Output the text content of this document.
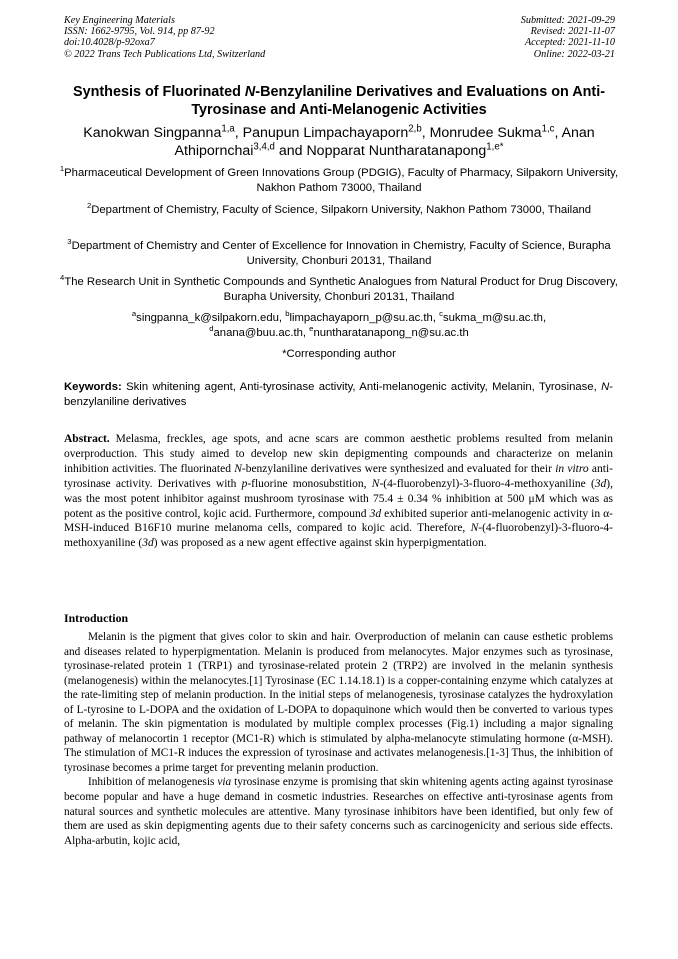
Key Engineering Materials
ISSN: 1662-9795, Vol. 914, pp 87-92
doi:10.4028/p-92oxa7
© 2022 Trans Tech Publications Ltd, Switzerland
Submitted: 2021-09-29
Revised: 2021-11-07
Accepted: 2021-11-10
Online: 2022-03-21
Synthesis of Fluorinated N-Benzylaniline Derivatives and Evaluations on Anti-Tyrosinase and Anti-Melanogenic Activities
Kanokwan Singpanna$^{1,a}$, Panupun Limpachayaporn$^{2,b}$, Monrudee Sukma$^{1,c}$, Anan Athipornchai$^{3,4,d}$ and Nopparat Nuntharatanapong$^{1,e*}$
$^1$Pharmaceutical Development of Green Innovations Group (PDGIG), Faculty of Pharmacy, Silpakorn University, Nakhon Pathom 73000, Thailand
$^2$Department of Chemistry, Faculty of Science, Silpakorn University, Nakhon Pathom 73000, Thailand
$^3$Department of Chemistry and Center of Excellence for Innovation in Chemistry, Faculty of Science, Burapha University, Chonburi 20131, Thailand
$^4$The Research Unit in Synthetic Compounds and Synthetic Analogues from Natural Product for Drug Discovery, Burapha University, Chonburi 20131, Thailand
$^a$singpanna_k@silpakorn.edu, $^b$limpachayaporn_p@su.ac.th, $^c$sukma_m@su.ac.th,
$^d$anana@buu.ac.th, $^e$nuntharatanapong_n@su.ac.th
*Corresponding author
Keywords: Skin whitening agent, Anti-tyrosinase activity, Anti-melanogenic activity, Melanin, Tyrosinase, N-benzylaniline derivatives
Abstract. Melasma, freckles, age spots, and acne scars are common aesthetic problems resulted from melanin overproduction. This study aimed to develop new skin depigmenting compounds and characterize on melanin inhibition activities. The fluorinated N-benzylaniline derivatives were synthesized and evaluated for their in vitro anti-tyrosinase activity. Derivatives with p-fluorine monosubstition, N-(4-fluorobenzyl)-3-fluoro-4-methoxyaniline (3d), was the most potent inhibitor against mushroom tyrosinase with 75.4 ± 0.34 % inhibition at 500 μM which was as potent as the positive control, kojic acid. Furthermore, compound 3d exhibited superior anti-melanogenic activity in α-MSH-induced B16F10 murine melanoma cells, compared to kojic acid. Therefore, N-(4-fluorobenzyl)-3-fluoro-4-methoxyaniline (3d) was proposed as a new agent effective against skin hyperpigmentation.
Introduction

Melanin is the pigment that gives color to skin and hair. Overproduction of melanin can cause esthetic problems and diseases related to hyperpigmentation. Melanin is produced from melanocytes. Major enzymes such as tyrosinase, tyrosinase-related protein 1 (TRP1) and tyrosinase-related protein 2 (TRP2) are involved in the melanin synthesis (melanogenesis) within the melanocytes.[1] Tyrosinase (EC 1.14.18.1) is a copper-containing enzyme which catalyzes at the rate-limiting step of melanin production. In the initial steps of melanogenesis, tyrosinase catalyzes the hydroxylation of L-tyrosine to L-DOPA and the oxidation of L-DOPA to dopaquinone which would then be converted to various types of melanin. The skin pigmentation is modulated by multiple complex processes (Fig.1) including a major signaling pathway of melanocortin 1 receptor (MC1-R) which is stimulated by alpha-melanocyte stimulating hormone (α-MSH). The stimulation of MC1-R induces the expression of tyrosinase and activates melanogenesis.[1-3] Thus, the inhibition of tyrosinase becomes a prime target for preventing melanin production.

Inhibition of melanogenesis via tyrosinase enzyme is promising that skin whitening agents acting against tyrosinase become popular and have a huge demand in cosmetic industries. Researches on effective anti-tyrosinase agents from natural sources and synthetic molecules are attentive. Many tyrosinase inhibitors have been identified, but only few of them are used as skin depigmenting agents due to their safety concerns such as carcinogenicity and serious side effects. Alpha-arbutin, kojic acid,
